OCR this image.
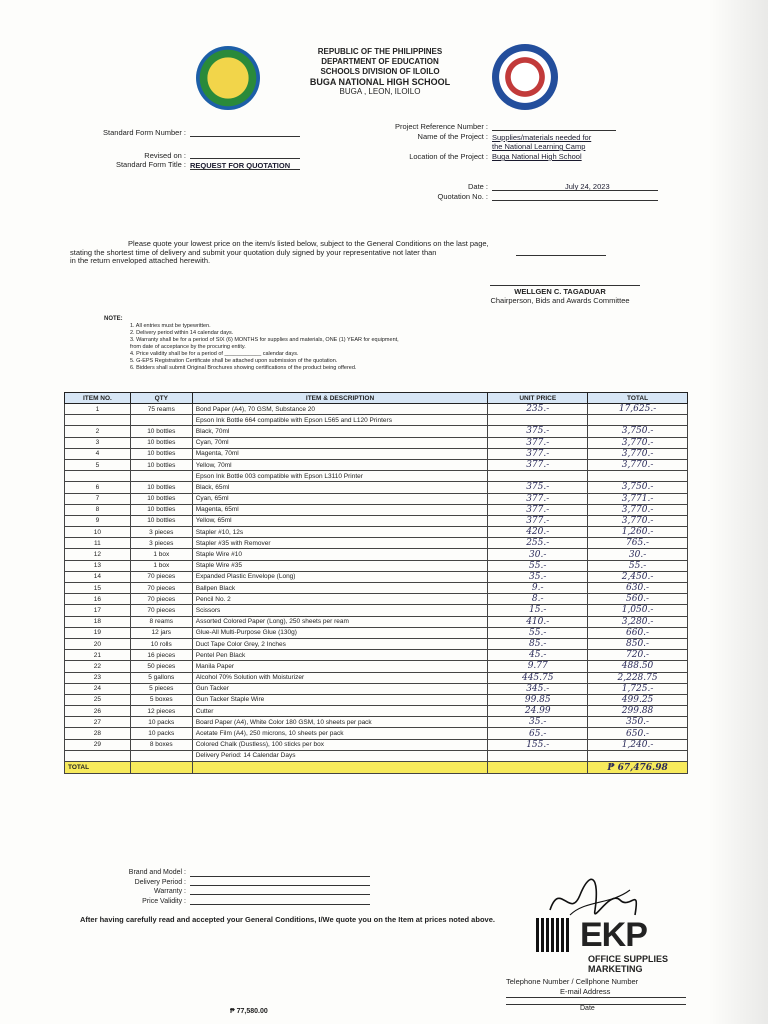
REPUBLIC OF THE PHILIPPINES
DEPARTMENT OF EDUCATION
SCHOOLS DIVISION OF ILOILO
BUGA NATIONAL HIGH SCHOOL
BUGA , LEON, ILOILO
Standard Form Number :
Revised on :
Standard Form Title : REQUEST FOR QUOTATION
Project Reference Number :
Name of the Project : Supplies/materials needed for
the National Learning Camp
Location of the Project : Buga National High School
Date :	July 24, 2023
Quotation No. :
Please quote your lowest price on the item/s listed below, subject to the General Conditions on the last page,
stating the shortest time of delivery and submit your quotation duly signed by your representative not later than
in the return enveloped attached herewith.
WELLGEN C. TAGADUAR
Chairperson, Bids and Awards Committee
NOTE:
1. All entries must be typewritten.
2. Delivery period within 14 calendar days.
3. Warranty shall be for a period of SIX (6) MONTHS for supplies and materials, ONE (1) YEAR for equipment,
from date of acceptance by the procuring entity.
4. Price validity shall be for a period of ____________ calendar days.
5. G-EPS Registration Certificate shall be attached upon submission of the quotation.
6. Bidders shall submit Original Brochures showing certifications of the product being offered.
ITEM NO.	QTY	ITEM & DESCRIPTION	UNIT PRICE	TOTAL
1	75 reams	Bond Paper (A4), 70 GSM, Substance 20	235.-	17,625.-
		Epson Ink Bottle 664 compatible with Epson L565 and L120 Printers		
2	10 bottles	Black, 70ml	375.-	3,750.-
3	10 bottles	Cyan, 70ml	377.-	3,770.-
4	10 bottles	Magenta, 70ml	377.-	3,770.-
5	10 bottles	Yellow, 70ml	377.-	3,770.-
		Epson Ink Bottle 003 compatible with Epson L3110 Printer		
6	10 bottles	Black, 65ml	375.-	3,750.-
7	10 bottles	Cyan, 65ml	377.-	3,771.-
8	10 bottles	Magenta, 65ml	377.-	3,770.-
9	10 bottles	Yellow, 65ml	377.-	3,770.-
10	3 pieces	Stapler #10, 12s	420.-	1,260.-
11	3 pieces	Stapler #35 with Remover	255.-	765.-
12	1 box	Staple Wire #10	30.-	30.-
13	1 box	Staple Wire #35	55.-	55.-
14	70 pieces	Expanded Plastic Envelope (Long)	35.-	2,450.-
15	70 pieces	Ballpen Black	9.-	630.-
16	70 pieces	Pencil No. 2	8.-	560.-
17	70 pieces	Scissors	15.-	1,050.-
18	8 reams	Assorted Colored Paper (Long), 250 sheets per ream	410.-	3,280.-
19	12 jars	Glue-All Multi-Purpose Glue (130g)	55.-	660.-
20	10 rolls	Duct Tape Color Grey, 2 Inches	85.-	850.-
21	16 pieces	Pentel Pen Black	45.-	720.-
22	50 pieces	Manila Paper	9.77	488.50
23	5 gallons	Alcohol 70% Solution with Moisturizer	445.75	2,228.75
24	5 pieces	Gun Tacker	345.-	1,725.-
25	5 boxes	Gun Tacker Staple Wire	99.85	499.25
26	12 pieces	Cutter	24.99	299.88
27	10 packs	Board Paper (A4), White Color 180 GSM, 10 sheets per pack	35.-	350.-
28	10 packs	Acetate Film (A4), 250 microns, 10 sheets per pack	65.-	650.-
29	8 boxes	Colored Chalk (Dustless), 100 sticks per box	155.-	1,240.-
		Delivery Period: 14 Calendar Days		
TOTAL				₱ 67,476.98
Brand and Model :
Delivery Period :
Warranty :
Price Validity :
After having carefully read and accepted your General Conditions, I/We quote you on the Item at prices noted above.	EKP
OFFICE SUPPLIES MARKETING
Telephone Number / Cellphone Number
E-mail Address
Date
₱ 77,580.00
